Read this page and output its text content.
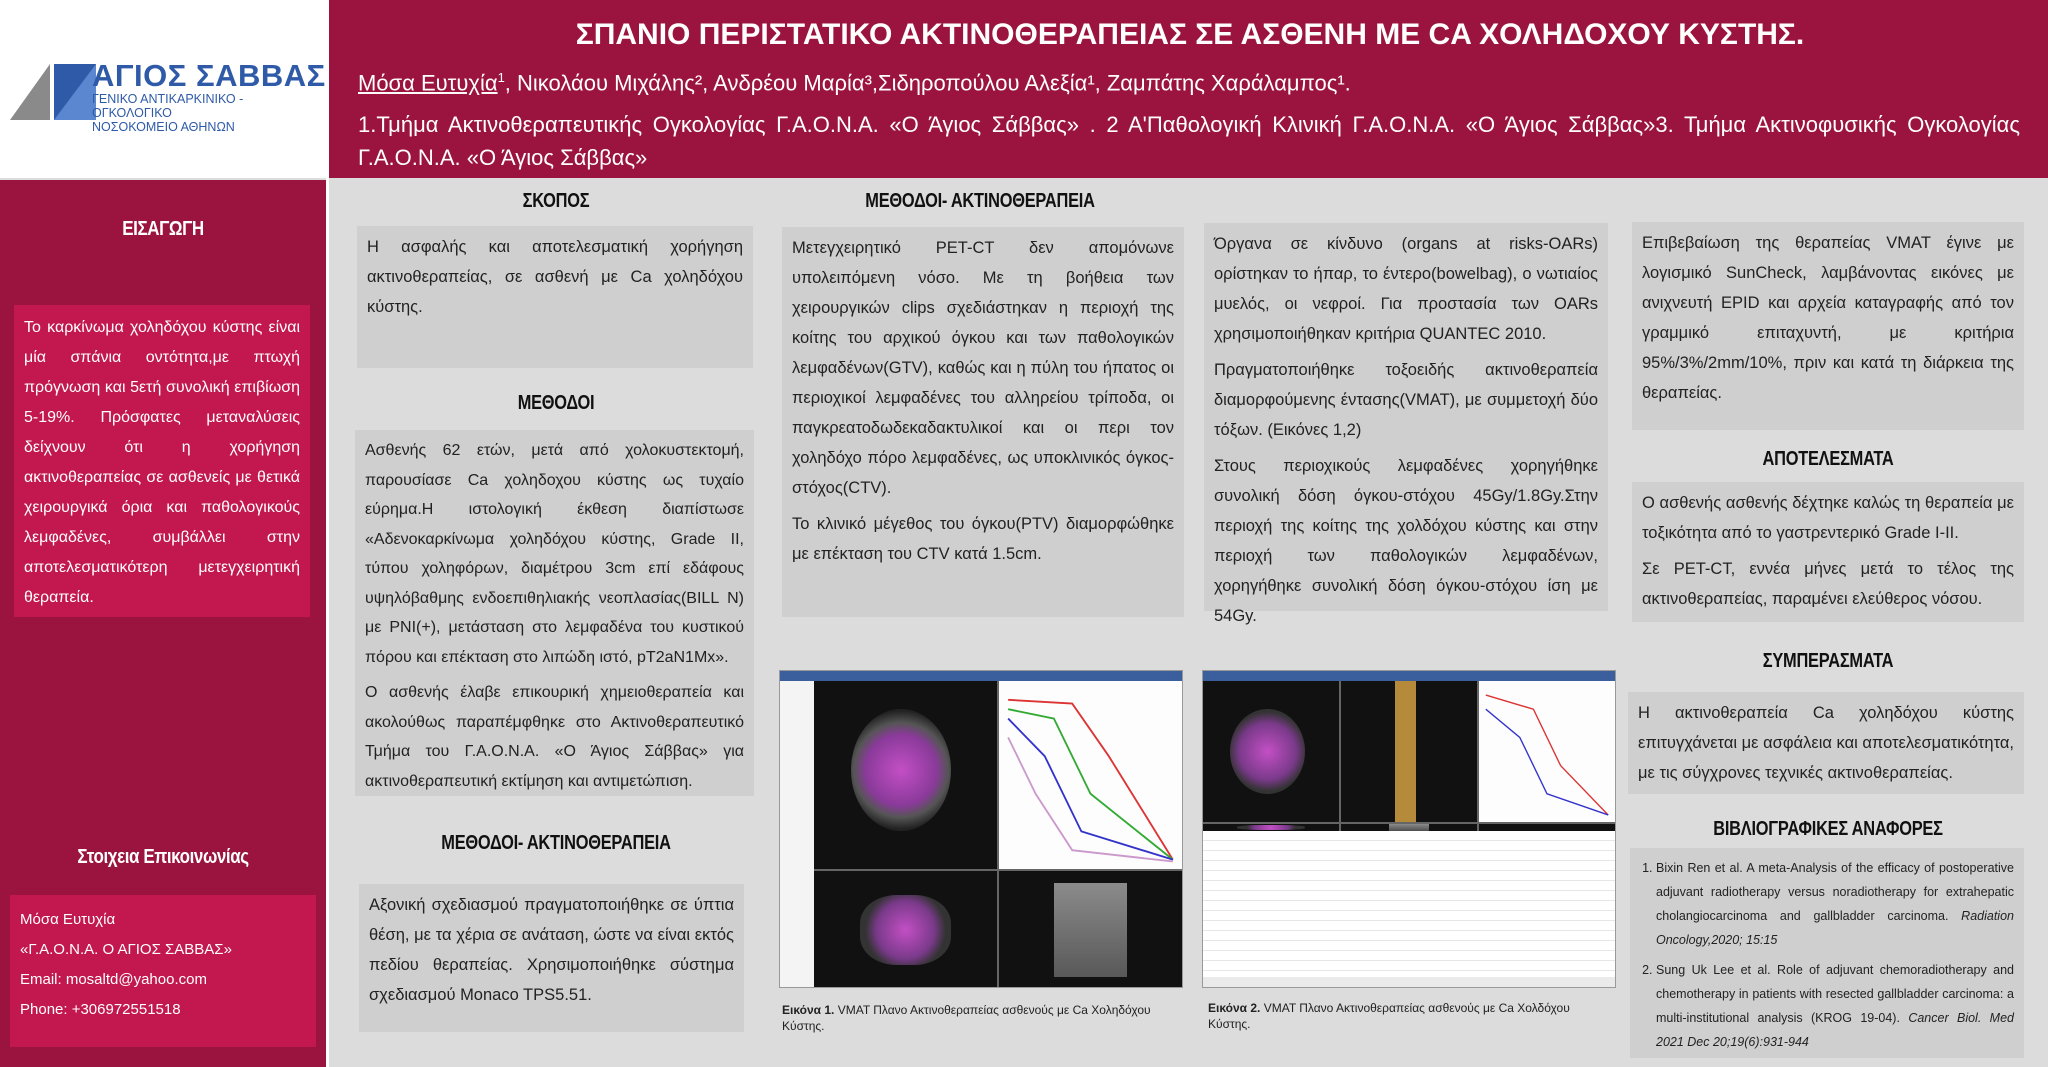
ΑΓΙΟΣ ΣΑΒΒΑΣ
ΓΕΝΙΚΟ ΑΝΤΙΚΑΡΚΙΝΙΚΟ - ΟΓΚΟΛΟΓΙΚΟ
ΝΟΣΟΚΟΜΕΙΟ ΑΘΗΝΩΝ
ΣΠΑΝΙΟ ΠΕΡΙΣΤΑΤΙΚΟ ΑΚΤΙΝΟΘΕΡΑΠΕΙΑΣ ΣΕ ΑΣΘΕΝΗ ΜΕ CA ΧΟΛΗΔΟΧΟΥ ΚΥΣΤΗΣ.
Μόσα Ευτυχία$^1$, Νικολάου Μιχάλης², Ανδρέου Μαρία³,Σιδηροπούλου Αλεξία¹, Ζαμπάτης Χαράλαμπος¹.
1.Τμήμα Ακτινοθεραπευτικής Ογκολογίας Γ.Α.Ο.Ν.Α. «Ο Άγιος Σάββας» . 2 Α'Παθολογική Κλινική Γ.Α.Ο.Ν.Α. «Ο Άγιος Σάββας»3. Τμήμα Ακτινοφυσικής Ογκολογίας Γ.Α.Ο.Ν.Α. «Ο Άγιος Σάββας»
ΕΙΣΑΓΩΓΗ
Το καρκίνωμα χοληδόχου κύστης είναι μία σπάνια οντότητα,με πτωχή πρόγνωση και 5ετή συνολική επιβίωση 5-19%. Πρόσφατες μεταναλύσεις δείχνουν ότι η χορήγηση ακτινοθεραπείας σε ασθενείς με θετικά χειρουργικά όρια και παθολογικούς λεμφαδένες, συμβάλλει στην αποτελεσματικότερη μετεγχειρητική θεραπεία.
Στοιχεια Επικοινωνίας
Μόσα Ευτυχία
«Γ.Α.Ο.Ν.Α. Ο ΑΓΙΟΣ ΣΑΒΒΑΣ»
Email: mosaltd@yahoo.com
Phone: +306972551518
ΣΚΟΠΟΣ

Η ασφαλής και αποτελεσματική χορήγηση ακτινοθεραπείας, σε ασθενή με Ca χοληδόχου κύστης.

ΜΕΘΟΔΟΙ

Ασθενής 62 ετών, μετά από χολοκυστεκτομή, παρουσίασε Ca χοληδοχου κύστης ως τυχαίο εύρημα.Η ιστολογική έκθεση διαπίστωσε «Αδενοκαρκίνωμα χοληδόχου κύστης, Grade II, τύπου χοληφόρων, διαμέτρου 3cm επί εδάφους υψηλόβαθμης ενδοεπιθηλιακής νεοπλασίας(BILL N) με PNI(+), μετάσταση στο λεμφαδένα του κυστικού πόρου και επέκταση στο λιπώδη ιστό, pT2aN1Mx».

Ο ασθενής έλαβε επικουρική χημειοθεραπεία και ακολούθως παραπέμφθηκε στο Ακτινοθεραπευτικό Τμήμα του Γ.Α.Ο.Ν.Α. «Ο Άγιος Σάββας» για ακτινοθεραπευτική εκτίμηση και αντιμετώπιση.

ΜΕΘΟΔΟΙ- ΑΚΤΙΝΟΘΕΡΑΠΕΙΑ

Αξονική σχεδιασμού πραγματοποιήθηκε σε ύπτια θέση, με τα χέρια σε ανάταση, ώστε να είναι εκτός πεδίου θεραπείας. Χρησιμοποιήθηκε σύστημα σχεδιασμού Monaco TPS5.51.

ΜΕΘΟΔΟΙ- ΑΚΤΙΝΟΘΕΡΑΠΕΙΑ

Μετεγχειρητικό PET-CT δεν απομόνωνε υπολειπόμενη νόσο. Με τη βοήθεια των χειρουργικών clips σχεδιάστηκαν η περιοχή της κοίτης του αρχικού όγκου και των παθολογικών λεμφαδένων(GTV), καθώς και η πύλη του ήπατος οι περιοχικοί λεμφαδένες του αλληρείου τρίποδα, οι παγκρεατοδωδεκαδακτυλικοί και οι περι τον χοληδόχο πόρο λεμφαδένες, ως υποκλινικός όγκος- στόχος(CTV).

Το κλινικό μέγεθος του όγκου(PTV) διαμορφώθηκε με επέκταση του CTV κατά 1.5cm.

Εικόνα 1. VMAT Πλανο Ακτινοθεραπείας ασθενούς με Ca Χοληδόχου Κύστης.

Όργανα σε κίνδυνο (organs at risks-OARs) ορίστηκαν το ήπαρ, το έντερο(bowelbag), ο νωτιαίος μυελός, οι νεφροί. Για προστασία των OARs χρησιμοποιήθηκαν κριτήρια QUANTEC 2010.

Πραγματοποιήθηκε τοξοειδής ακτινοθεραπεία διαμορφούμενης έντασης(VMAT), με συμμετοχή δύο τόξων. (Εικόνες 1,2)

Στους περιοχικούς λεμφαδένες χορηγήθηκε συνολική δόση όγκου-στόχου 45Gy/1.8Gy.Στην περιοχή της κοίτης της χολδόχου κύστης και στην περιοχή των παθολογικών λεμφαδένων, χορηγήθηκε συνολική δόση όγκου-στόχου ίση με 54Gy.

Εικόνα 2. VMAT Πλανο Ακτινοθεραπείας ασθενούς με Ca Χολδόχου Κύστης.

Επιβεβαίωση της θεραπείας VMAT έγινε με λογισμικό SunCheck, λαμβάνοντας εικόνες με ανιχνευτή EPID και αρχεία καταγραφής από τον γραμμικό επιταχυντή, με κριτήρια 95%/3%/2mm/10%, πριν και κατά τη διάρκεια της θεραπείας.

ΑΠΟΤΕΛΕΣΜΑΤΑ

Ο ασθενής ασθενής δέχτηκε καλώς τη θεραπεία με τοξικότητα από το γαστρεντερικό Grade I-II.

Σε PET-CT, εννέα μήνες μετά το τέλος της ακτινοθεραπείας, παραμένει ελεύθερος νόσου.

ΣΥΜΠΕΡΑΣΜΑΤΑ

Η ακτινοθεραπεία Ca χοληδόχου κύστης επιτυγχάνεται με ασφάλεια και αποτελεσματικότητα, με τις σύγχρονες τεχνικές ακτινοθεραπείας.

ΒΙΒΛΙΟΓΡΑΦΙΚΕΣ ΑΝΑΦΟΡΕΣ
1. Bixin Ren et al. A meta-Analysis of the efficacy of postoperative adjuvant radiotherapy versus noradiotherapy for extrahepatic cholangiocarcinoma and gallbladder carcinoma. Radiation Oncology,2020; 15:15
2. Sung Uk Lee et al. Role of adjuvant chemoradiotherapy and chemotherapy in patients with resected gallbladder carcinoma: a multi-institutional analysis (KROG 19-04). Cancer Biol. Med 2021 Dec 20;19(6):931-944
